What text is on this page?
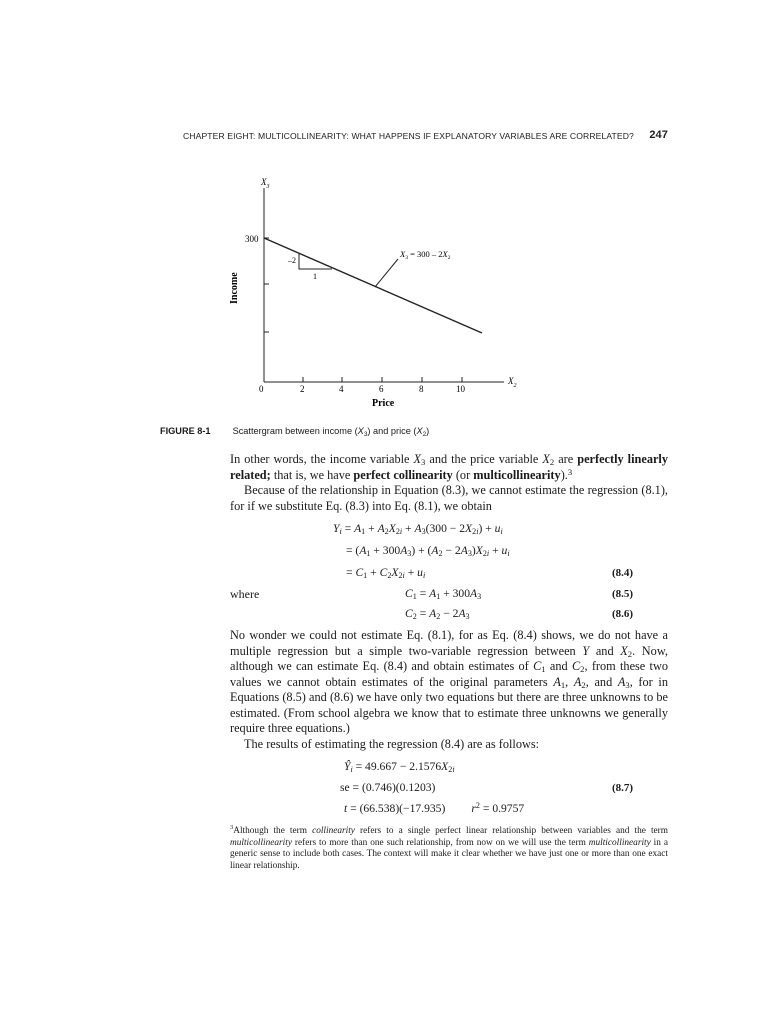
CHAPTER EIGHT: MULTICOLLINEARITY: WHAT HAPPENS IF EXPLANATORY VARIABLES ARE CORRELATED? 247
0	2	4	6	8	10
300
$X_3$
$X_2$
Income
Price
–2
1
$X_3 = 300 - 2X_2$
FIGURE 8-1 Scattergram between income $(X_3)$ and price $(X_2)$

In other words, the income variable $X_3$ and the price variable $X_2$ are perfectly linearly related; that is, we have perfect collinearity (or multicollinearity).$^3$

Because of the relationship in Equation (8.3), we cannot estimate the regression (8.1), for if we substitute Eq. (8.3) into Eq. (8.1), we obtain

$Y_i = A_1 + A_2X_{2i} + A_3(300 - 2X_{2i}) + u_i$
= $(A_1 + 300A_3) + (A_2 - 2A_3)X_{2i} + u_i$
= $C_1 + C_2X_{2i} + u_i$	(8.4)
where	$C_1 = A_1 + 300A_3$	(8.5)
$C_2 = A_2 - 2A_3$	(8.6)

No wonder we could not estimate Eq. (8.1), for as Eq. (8.4) shows, we do not have a multiple regression but a simple two-variable regression between Y and $X_2$. Now, although we can estimate Eq. (8.4) and obtain estimates of $C_1$ and $C_2$, from these two values we cannot obtain estimates of the original parameters $A_1$, $A_2$, and $A_3$, for in Equations (8.5) and (8.6) we have only two equations but there are three unknowns to be estimated. (From school algebra we know that to estimate three unknowns we generally require three equations.)

The results of estimating the regression (8.4) are as follows:

$Ŷ_i = 49.667 - 2.1576X_{2i}$
se = (0.746)(0.1203)	(8.7)
t = (66.538)(−17.935)         $r^2 = 0.9757$
$^3$Although the term collinearity refers to a single perfect linear relationship between variables and the term multicollinearity refers to more than one such relationship, from now on we will use the term multicollinearity in a generic sense to include both cases. The context will make it clear whether we have just one or more than one exact linear relationship.
